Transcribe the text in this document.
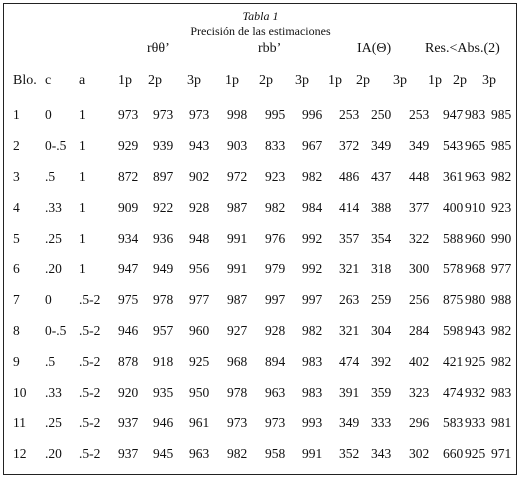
Tabla 1
Precisión de las estimaciones
rθθ’	rbb’	IA(Θ) Res.<Abs.(2)
Blo. c a 1p 2p 3p 1p 2p 3p 1p 2p 3p 1p 2p 3p
1	0	1	973	973	973	998	995	996	253	250	253	947	983	985
2	0-.5	1	929	939	943	903	833	967	372	349	349	543	965	985
3	.5	1	872	897	902	972	923	982	486	437	448	361	963	982
4	.33	1	909	922	928	987	982	984	414	388	377	400	910	923
5	.25	1	934	936	948	991	976	992	357	354	322	588	960	990
6	.20	1	947	949	956	991	979	992	321	318	300	578	968	977
7	0	.5-2	975	978	977	987	997	997	263	259	256	875	980	988
8	0-.5	.5-2	946	957	960	927	928	982	321	304	284	598	943	982
9	.5	.5-2	878	918	925	968	894	983	474	392	402	421	925	982
10	.33	.5-2	920	935	950	978	963	983	391	359	323	474	932	983
11	.25	.5-2	937	946	961	973	973	993	349	333	296	583	933	981
12	.20	.5-2	937	945	963	982	958	991	352	343	302	660	925	971
